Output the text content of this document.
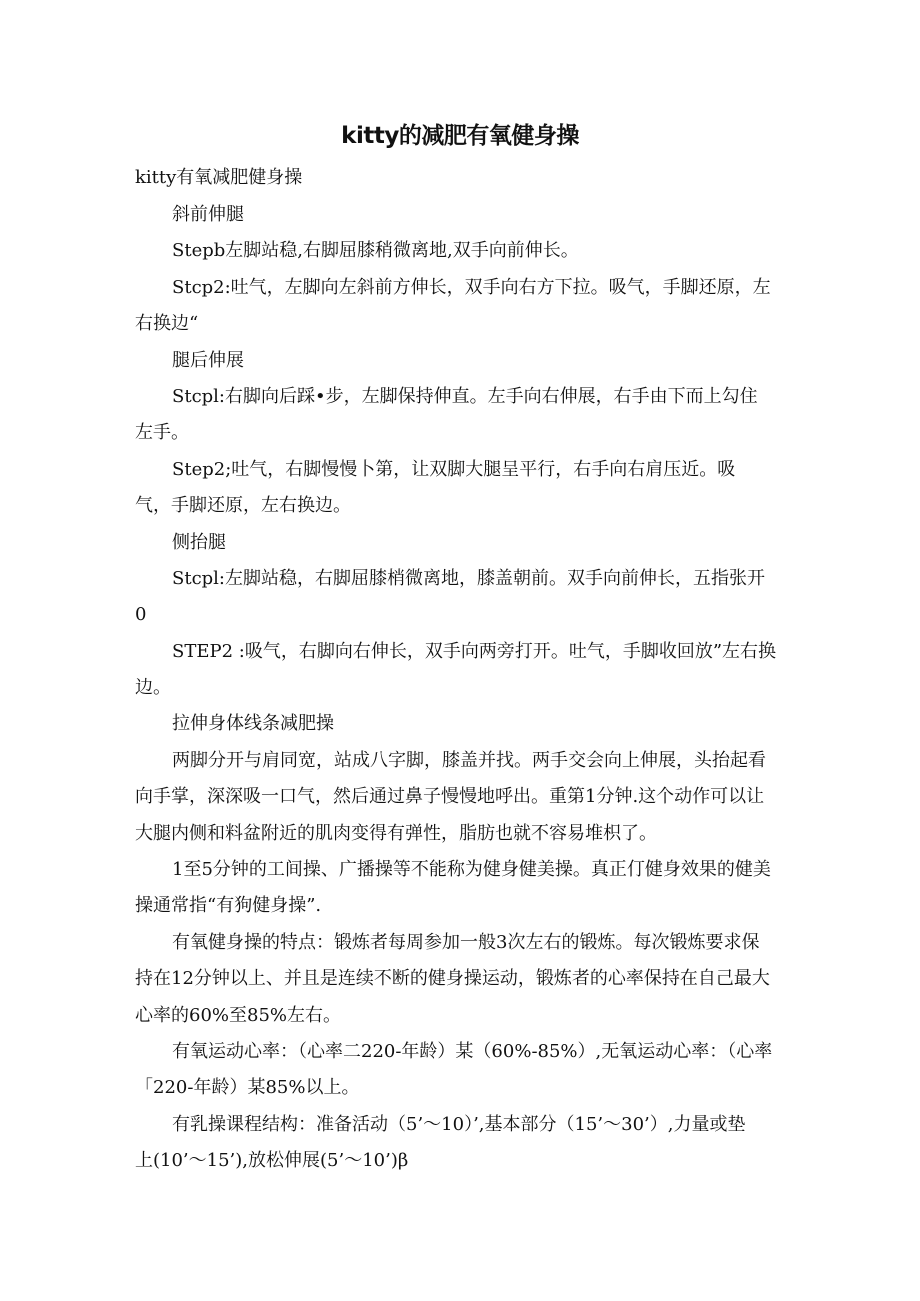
kitty的减肥有氧健身操
kitty有氧减肥健身操
斜前伸腿
Stepb左脚站稳,右脚屈膝稍微离地,双手向前伸长。
Stcp2:吐气，左脚向左斜前方伸长，双手向右方下拉。吸气，手脚还原，左
右换边“
腿后伸展
Stcpl:右脚向后踩•步，左脚保持伸直。左手向右伸展，右手由下而上勾住
左手。
Step2;吐气，右脚慢慢卜第，让双脚大腿呈平行，右手向右肩压近。吸
气，手脚还原，左右换边。
侧抬腿
Stcpl:左脚站稳，右脚屈膝梢微离地，膝盖朝前。双手向前伸长，五指张开
0
STEP2 :吸气，右脚向右伸长，双手向两旁打开。吐气，手脚收回放”左右换
边。
拉伸身体线条减肥操
两脚分开与肩同宽，站成八字脚，膝盖并找。两手交会向上伸展，头抬起看
向手掌，深深吸一口气，然后通过鼻子慢慢地呼出。重第1分钟.这个动作可以让
大腿内侧和料盆附近的肌肉变得有弹性，脂肪也就不容易堆枳了。
1至5分钟的工间操、广播操等不能称为健身健美操。真正仃健身效果的健美
操通常指“有狗健身操”.
有氧健身操的特点：锻炼者每周参加一般3次左右的锻炼。每次锻炼要求保
持在12分钟以上、并且是连续不断的健身操运动，锻炼者的心率保持在自己最大
心率的60%至85%左右。
有氧运动心率：（心率二220-年龄）某（60%-85%）,无氧运动心率：（心率
「220-年龄）某85%以上。
有乳操课程结构：准备活动（5’～10）’,基本部分（15’～30’）,力量或垫
上(10’～15’),放松伸展(5’～10’)β
